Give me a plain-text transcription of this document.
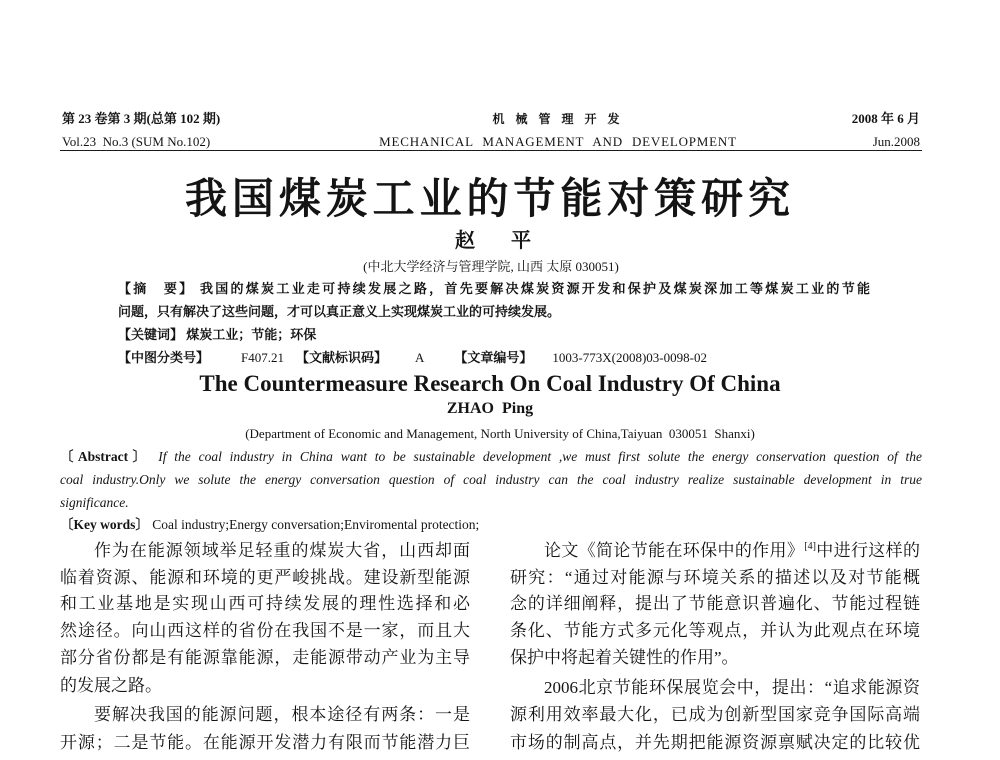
第 23 卷第 3 期(总第 102 期)
Vol.23  No.3 (SUM No.102)
机 械 管 理 开 发
MECHANICAL MANAGEMENT AND DEVELOPMENT
2008 年 6 月
Jun.2008
我国煤炭工业的节能对策研究
赵　平
(中北大学经济与管理学院, 山西 太原 030051)
【摘　要】 我国的煤炭工业走可持续发展之路，首先要解决煤炭资源开发和保护及煤炭深加工等煤炭工业的节能
问题，只有解决了这些问题，才可以真正意义上实现煤炭工业的可持续发展。
【关键词】 煤炭工业；节能；环保
【中图分类号】 F407.21 【文献标识码】 A 【文章编号】 1003-773X(2008)03-0098-02
The Countermeasure Research On Coal Industry Of China
ZHAO  Ping
(Department of Economic and Management, North University of China,Taiyuan  030051  Shanxi)
〔Abstract〕 If the coal industry in China want to be sustainable development ,we must first solute the energy conservation question of the
coal industry.Only we solute the energy conversation question of coal industry can the coal industry realize sustainable development in true
significance.
〔Key words〕 Coal industry;Energy conversation;Enviromental protection;
作为在能源领域举足轻重的煤炭大省，山西却面
临着资源、能源和环境的更严峻挑战。建设新型能源
和工业基地是实现山西可持续发展的理性选择和必
然途径。向山西这样的省份在我国不是一家，而且大
部分省份都是有能源靠能源，走能源带动产业为主导
的发展之路。
要解决我国的能源问题，根本途径有两条：一是
开源；二是节能。在能源开发潜力有限而节能潜力巨
论文《简论节能在环保中的作用》[4]中进行这样的
研究：“通过对能源与环境关系的描述以及对节能概
念的详细阐释，提出了节能意识普遍化、节能过程链
条化、节能方式多元化等观点，并认为此观点在环境
保护中将起着关键性的作用”。
2006北京节能环保展览会中，提出：“追求能源资
源利用效率最大化，已成为创新型国家竞争国际高端
市场的制高点，并先期把能源资源禀赋决定的比较优
